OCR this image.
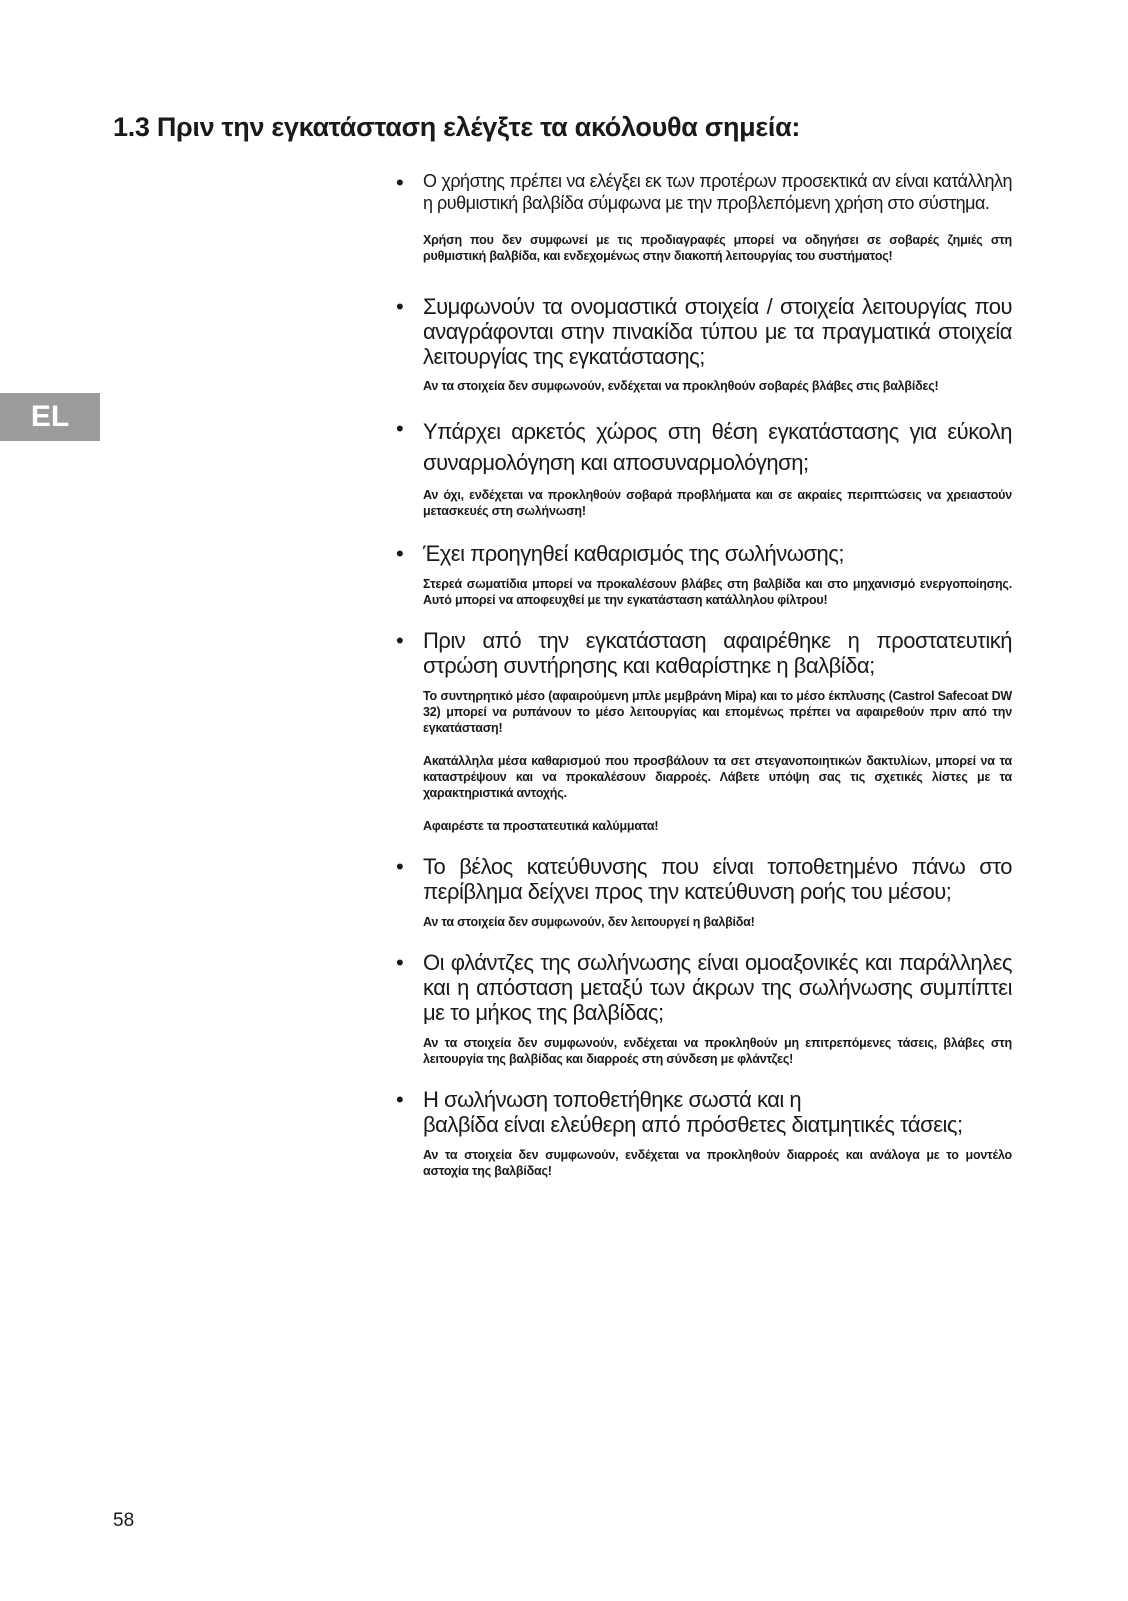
1.3 Πριν την εγκατάσταση ελέγξτε τα ακόλουθα σημεία:
EL
•	Ο χρήστης πρέπει να ελέγξει εκ των προτέρων προσεκτικά αν είναι κατάλληλη η ρυθμιστική βαλβίδα σύμφωνα με την προβλεπόμενη χρήση στο σύστημα.
Χρήση που δεν συμφωνεί με τις προδιαγραφές μπορεί να οδηγήσει σε σοβαρές ζημιές στη ρυθμιστική βαλβίδα, και ενδεχομένως στην διακοπή λειτουργίας του συστήματος!
• Συμφωνούν τα ονομαστικά στοιχεία / στοιχεία λειτουργίας που αναγράφονται στην πινακίδα τύπου με τα πραγματικά στοιχεία λειτουργίας της εγκατάστασης;
Αν τα στοιχεία δεν συμφωνούν, ενδέχεται να προκληθούν σοβαρές βλάβες στις βαλβίδες!
• Υπάρχει αρκετός χώρος στη θέση εγκατάστασης για εύκολη συναρμολόγηση και αποσυναρμολόγηση;
Αν όχι, ενδέχεται να προκληθούν σοβαρά προβλήματα και σε ακραίες περιπτώσεις να χρειαστούν μετασκευές στη σωλήνωση!
• Έχει προηγηθεί καθαρισμός της σωλήνωσης;
Στερεά σωματίδια μπορεί να προκαλέσουν βλάβες στη βαλβίδα και στο μηχανισμό ενεργοποίησης. Αυτό μπορεί να αποφευχθεί με την εγκατάσταση κατάλληλου φίλτρου!
• Πριν από την εγκατάσταση αφαιρέθηκε η προστατευτική στρώση συντήρησης και καθαρίστηκε η βαλβίδα;
Το συντηρητικό μέσο (αφαιρούμενη μπλε μεμβράνη Mipa) και το μέσο έκπλυσης (Castrol Safecoat DW 32) μπορεί να ρυπάνουν το μέσο λειτουργίας και επομένως πρέπει να αφαιρεθούν πριν από την εγκατάσταση!
Ακατάλληλα μέσα καθαρισμού που προσβάλουν τα σετ στεγανοποιητικών δακτυλίων, μπορεί να τα καταστρέψουν και να προκαλέσουν διαρροές. Λάβετε υπόψη σας τις σχετικές λίστες με τα χαρακτηριστικά αντοχής.
Αφαιρέστε τα προστατευτικά καλύμματα!
• Το βέλος κατεύθυνσης που είναι τοποθετημένο πάνω στο περίβλημα δείχνει προς την κατεύθυνση ροής του μέσου;
Αν τα στοιχεία δεν συμφωνούν, δεν λειτουργεί η βαλβίδα!
• Οι φλάντζες της σωλήνωσης είναι ομοαξονικές και παράλληλες και η απόσταση μεταξύ των άκρων της σωλήνωσης συμπίπτει με το μήκος της βαλβίδας;
Αν τα στοιχεία δεν συμφωνούν, ενδέχεται να προκληθούν μη επιτρεπόμενες τάσεις, βλάβες στη λειτουργία της βαλβίδας και διαρροές στη σύνδεση με φλάντζες!
• Η σωλήνωση τοποθετήθηκε σωστά και η
βαλβίδα είναι ελεύθερη από πρόσθετες διατμητικές τάσεις;
Αν τα στοιχεία δεν συμφωνούν, ενδέχεται να προκληθούν διαρροές και ανάλογα με το μοντέλο αστοχία της βαλβίδας!
58
